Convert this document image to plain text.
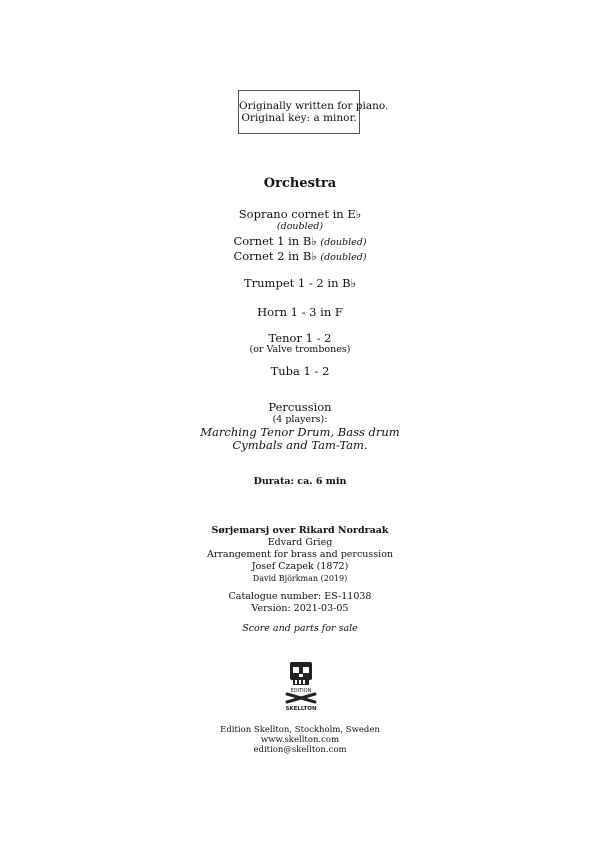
Originally written for piano.
Original key: a minor.
Orchestra
Soprano cornet in E♭
(doubled)
Cornet 1 in B♭ (doubled)
Cornet 2 in B♭ (doubled)
Trumpet 1 - 2 in B♭
Horn 1 - 3 in F
Tenor 1 - 2
(or Valve trombones)
Tuba 1 - 2
Percussion
(4 players):
Marching Tenor Drum, Bass drum
Cymbals and Tam-Tam.
Durata: ca. 6 min
Sørjemarsj over Rikard Nordraak
Edvard Grieg
Arrangement for brass and percussion
Josef Czapek (1872)
David Björkman (2019)
Catalogue number: ES-11038
Version: 2021-03-05
Score and parts for sale
EDITION
SKELLTON
Edition Skellton, Stockholm, Sweden
www.skellton.com
edition@skellton.com
